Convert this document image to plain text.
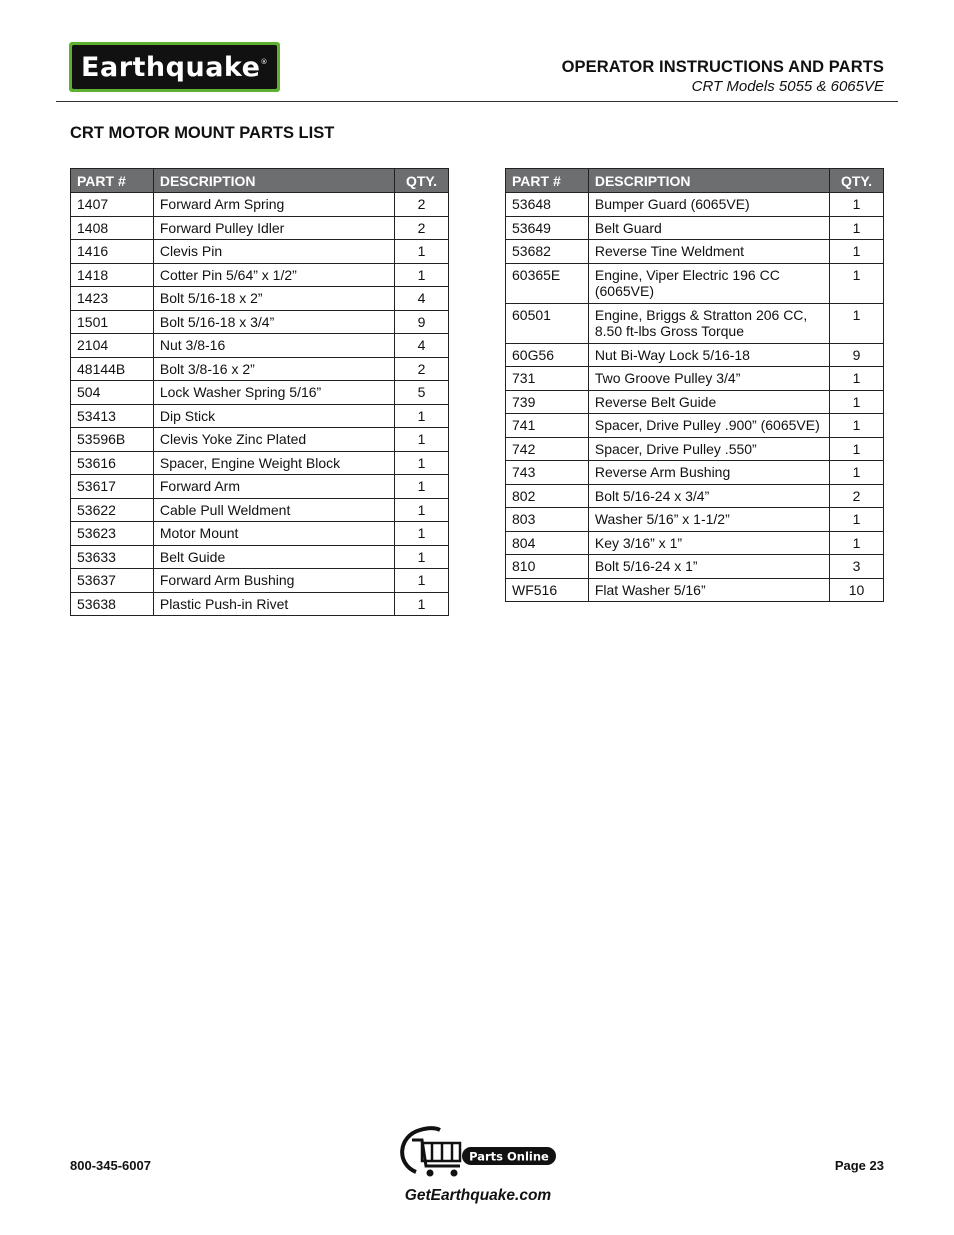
Earthquake®	OPERATOR INSTRUCTIONS AND PARTS
CRT Models 5055 & 6065VE
CRT MOTOR MOUNT PARTS LIST
PART #	DESCRIPTION	QTY.
1407	Forward Arm Spring	2
1408	Forward Pulley Idler	2
1416	Clevis Pin	1
1418	Cotter Pin 5/64” x 1/2”	1
1423	Bolt 5/16-18 x 2”	4
1501	Bolt 5/16-18 x 3/4”	9
2104	Nut 3/8-16	4
48144B	Bolt 3/8-16 x 2”	2
504	Lock Washer Spring 5/16”	5
53413	Dip Stick	1
53596B	Clevis Yoke Zinc Plated	1
53616	Spacer, Engine Weight Block	1
53617	Forward Arm	1
53622	Cable Pull Weldment	1
53623	Motor Mount	1
53633	Belt Guide	1
53637	Forward Arm Bushing	1
53638	Plastic Push-in Rivet	1
PART #	DESCRIPTION	QTY.
53648	Bumper Guard (6065VE)	1
53649	Belt Guard	1
53682	Reverse Tine Weldment	1
60365E	Engine, Viper Electric 196 CC (6065VE)	1
60501	Engine, Briggs & Stratton 206 CC, 8.50 ft-lbs Gross Torque	1
60G56	Nut Bi-Way Lock 5/16-18	9
731	Two Groove Pulley 3/4”	1
739	Reverse Belt Guide	1
741	Spacer, Drive Pulley .900” (6065VE)	1
742	Spacer, Drive Pulley .550”	1
743	Reverse Arm Bushing	1
802	Bolt 5/16-24 x 3/4”	2
803	Washer 5/16” x 1-1/2”	1
804	Key 3/16” x 1”	1
810	Bolt 5/16-24 x 1”	3
WF516	Flat Washer 5/16”	10
800-345-6007
Parts Online
GetEarthquake.com
Page 23
